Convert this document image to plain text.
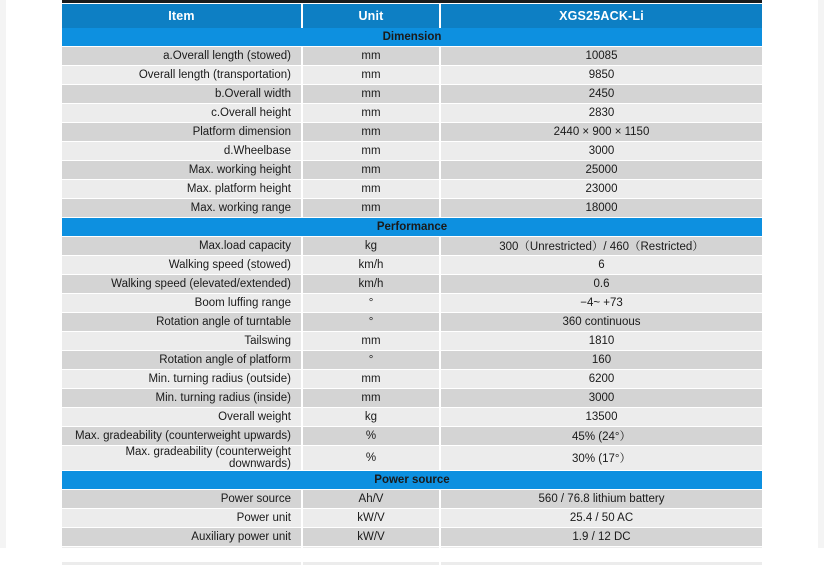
Item	Unit	XGS25ACK-Li
Dimension		
a.Overall length (stowed)	mm	10085
Overall length (transportation)	mm	9850
b.Overall width	mm	2450
c.Overall height	mm	2830
Platform dimension	mm	2440 × 900 × 1150
d.Wheelbase	mm	3000
Max. working height	mm	25000
Max. platform height	mm	23000
Max. working range	mm	18000
Performance		
Max.load capacity	kg	300（Unrestricted）/ 460（Restricted）
Walking speed (stowed)	km/h	6
Walking speed (elevated/extended)	km/h	0.6
Boom luffing range	°	−4~ +73
Rotation angle of turntable	°	360 continuous
Tailswing	mm	1810
Rotation angle of platform	°	160
Min. turning radius (outside)	mm	6200
Min. turning radius (inside)	mm	3000
Overall weight	kg	13500
Max. gradeability (counterweight upwards)	%	45% (24°）
Max. gradeability (counterweight downwards)	%	30% (17°）
Power source		
Power source	Ah/V	560 / 76.8 lithium battery
Power unit	kW/V	25.4 / 50 AC
Auxiliary power unit	kW/V	1.9 / 12 DC
